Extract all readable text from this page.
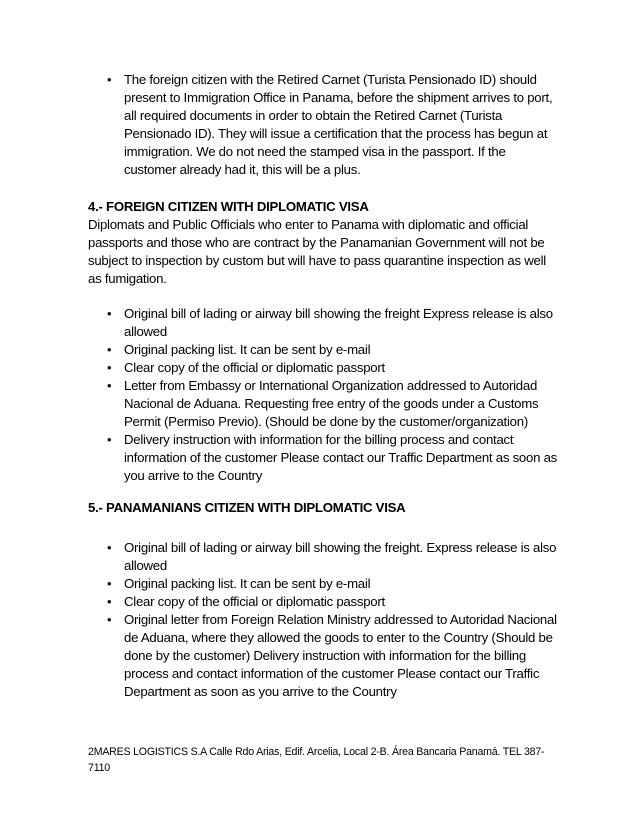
• The foreign citizen with the Retired Carnet (Turista Pensionado ID) should present to Immigration Office in Panama, before the shipment arrives to port, all required documents in order to obtain the Retired Carnet (Turista Pensionado ID). They will issue a certification that the process has begun at immigration. We do not need the stamped visa in the passport. If the customer already had it, this will be a plus.

4.- FOREIGN CITIZEN WITH DIPLOMATIC VISA

Diplomats and Public Officials who enter to Panama with diplomatic and official passports and those who are contract by the Panamanian Government will not be subject to inspection by custom but will have to pass quarantine inspection as well as fumigation.

• Original bill of lading or airway bill showing the freight Express release is also allowed
• Original packing list. It can be sent by e-mail
• Clear copy of the official or diplomatic passport
• Letter from Embassy or International Organization addressed to Autoridad Nacional de Aduana. Requesting free entry of the goods under a Customs Permit (Permiso Previo). (Should be done by the customer/organization)
• Delivery instruction with information for the billing process and contact information of the customer Please contact our Traffic Department as soon as you arrive to the Country

5.- PANAMANIANS CITIZEN WITH DIPLOMATIC VISA

• Original bill of lading or airway bill showing the freight. Express release is also allowed
• Original packing list. It can be sent by e-mail
• Clear copy of the official or diplomatic passport
• Original letter from Foreign Relation Ministry addressed to Autoridad Nacional de Aduana, where they allowed the goods to enter to the Country (Should be done by the customer) Delivery instruction with information for the billing process and contact information of the customer Please contact our Traffic Department as soon as you arrive to the Country
2MARES LOGISTICS S.A Calle Rdo Arias, Edif. Arcelia, Local 2-B. Área Bancaria Panamá. TEL 387-7110
